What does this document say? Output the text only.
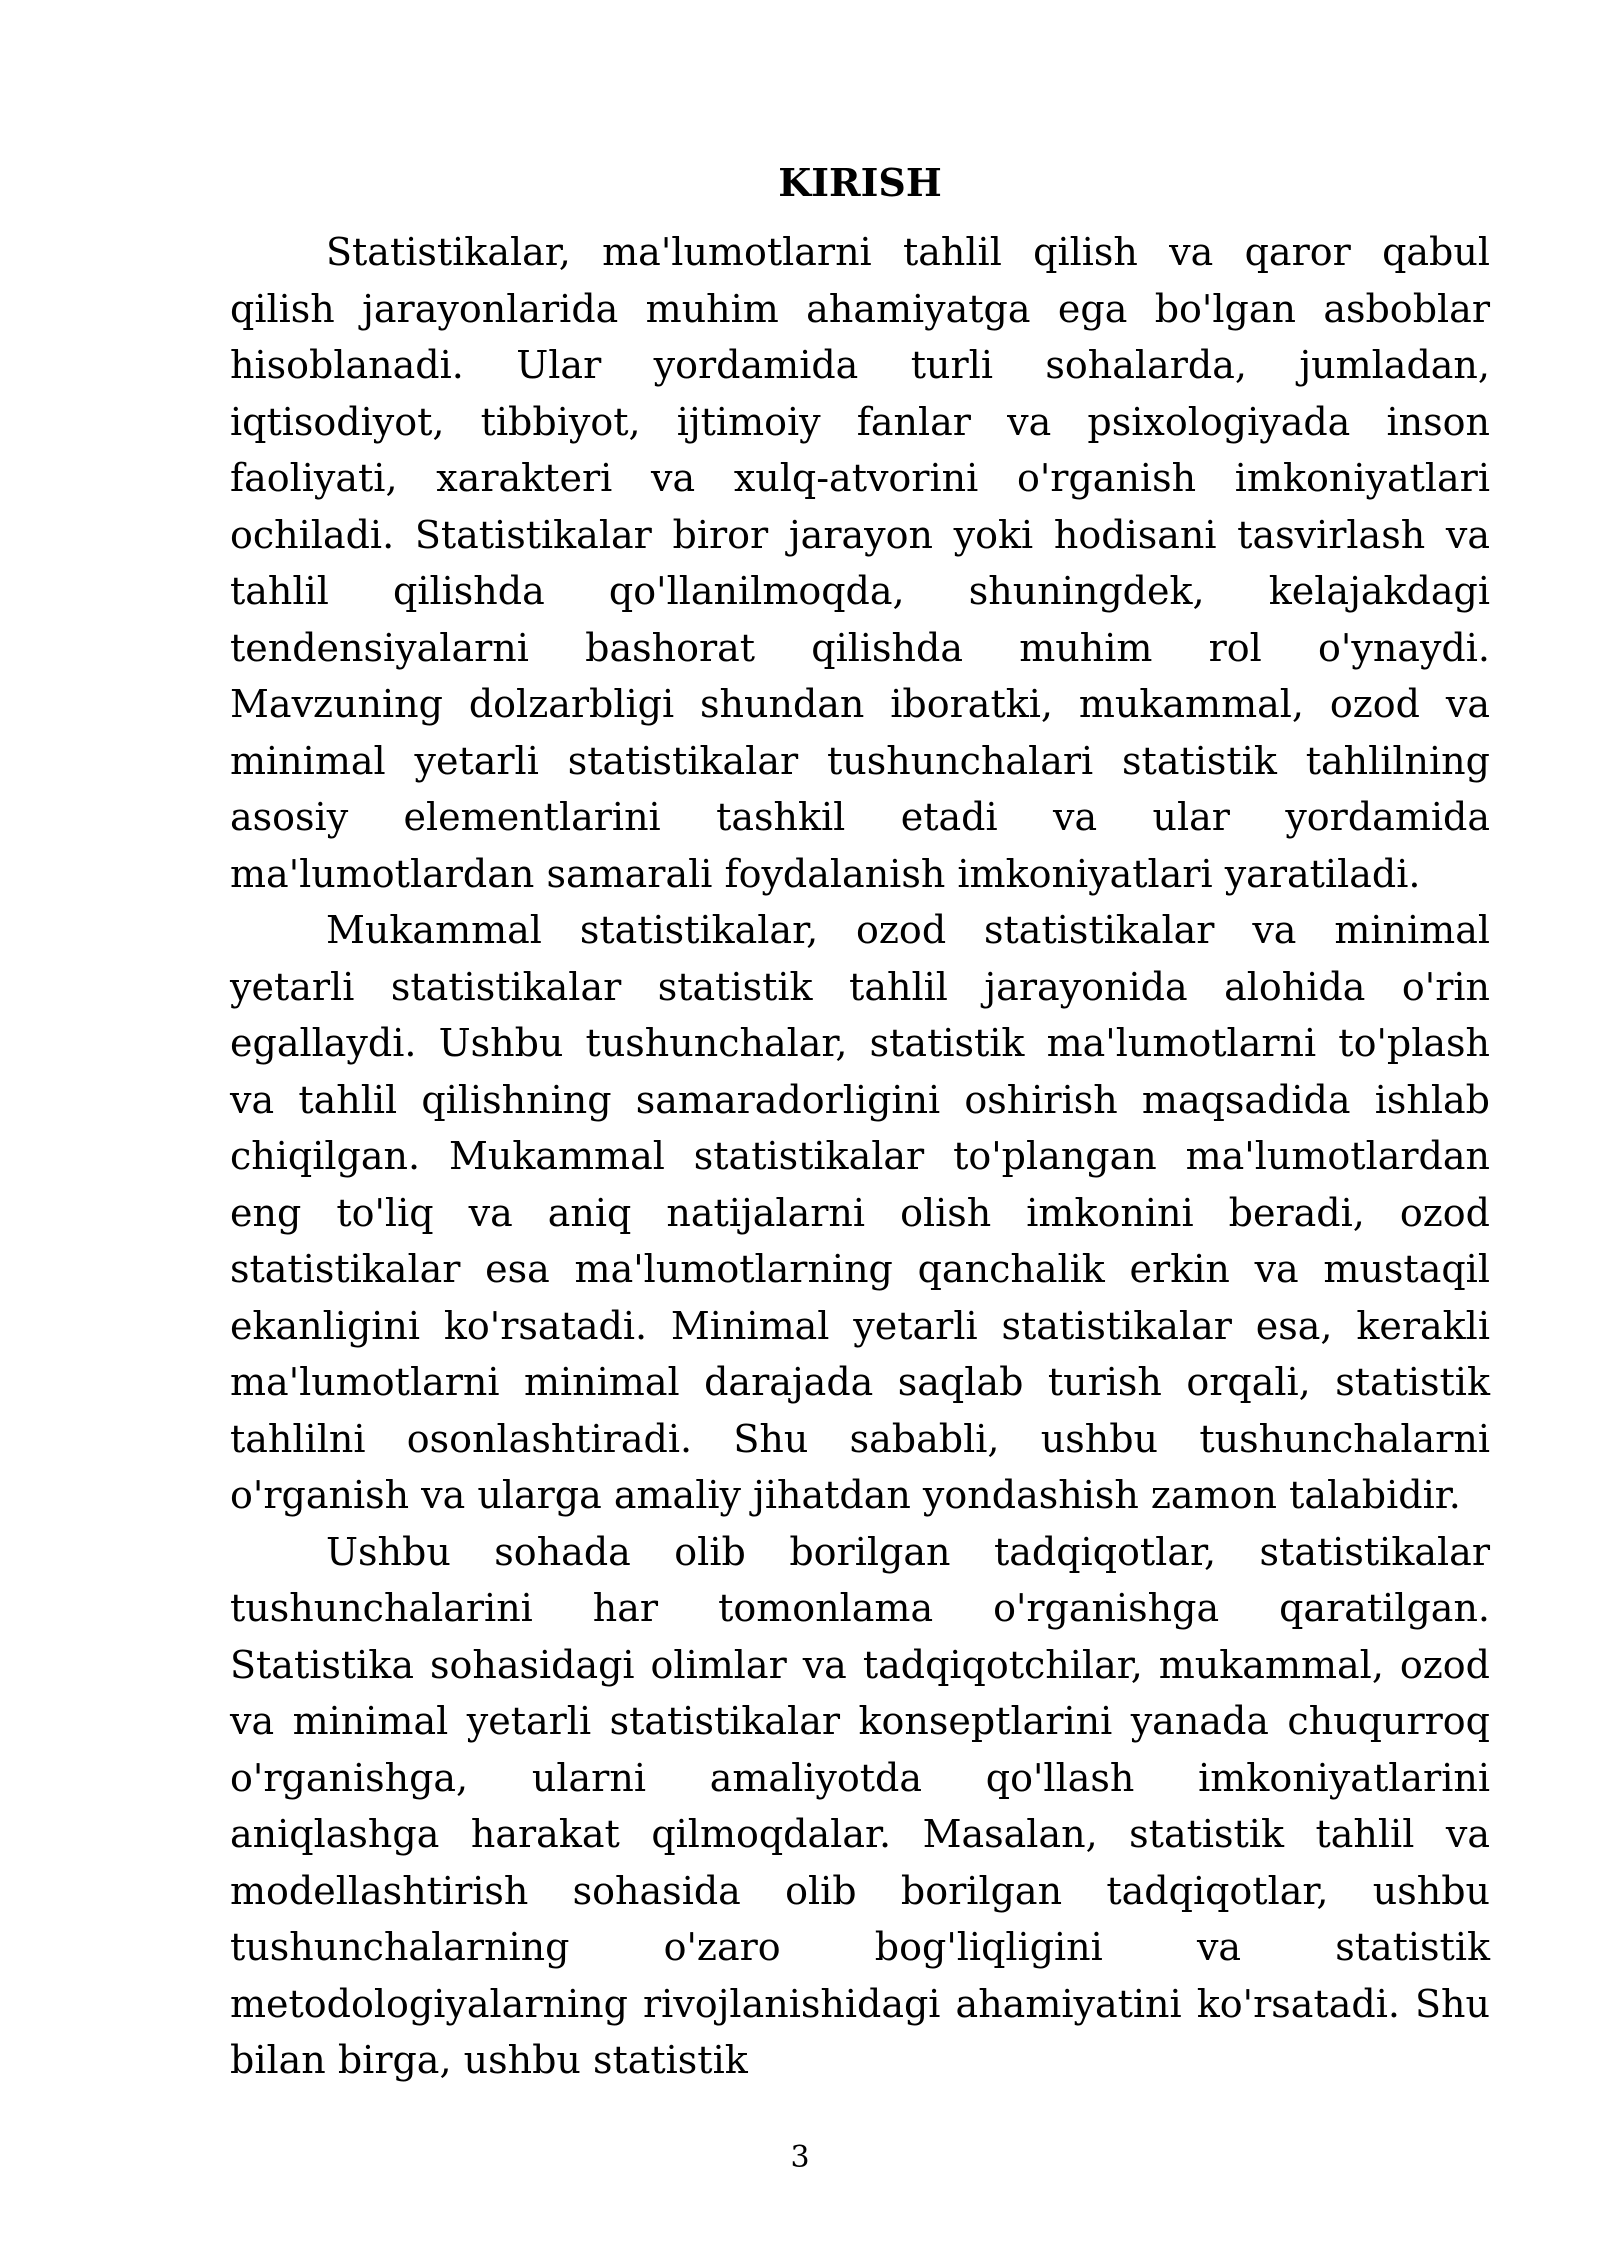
KIRISH

Statistikalar, ma'lumotlarni tahlil qilish va qaror qabul qilish jarayonlarida muhim ahamiyatga ega bo'lgan asboblar hisoblanadi. Ular yordamida turli sohalarda, jumladan, iqtisodiyot, tibbiyot, ijtimoiy fanlar va psixologiyada inson faoliyati, xarakteri va xulq-atvorini o'rganish imkoniyatlari ochiladi. Statistikalar biror jarayon yoki hodisani tasvirlash va tahlil qilishda qo'llanilmoqda, shuningdek, kelajakdagi tendensiyalarni bashorat qilishda muhim rol o'ynaydi. Mavzuning dolzarbligi shundan iboratki, mukammal, ozod va minimal yetarli statistikalar tushunchalari statistik tahlilning asosiy elementlarini tashkil etadi va ular yordamida ma'lumotlardan samarali foydalanish imkoniyatlari yaratiladi.

Mukammal statistikalar, ozod statistikalar va minimal yetarli statistikalar statistik tahlil jarayonida alohida o'rin egallaydi. Ushbu tushunchalar, statistik ma'lumotlarni to'plash va tahlil qilishning samaradorligini oshirish maqsadida ishlab chiqilgan. Mukammal statistikalar to'plangan ma'lumotlardan eng to'liq va aniq natijalarni olish imkonini beradi, ozod statistikalar esa ma'lumotlarning qanchalik erkin va mustaqil ekanligini ko'rsatadi. Minimal yetarli statistikalar esa, kerakli ma'lumotlarni minimal darajada saqlab turish orqali, statistik tahlilni osonlashtiradi. Shu sababli, ushbu tushunchalarni o'rganish va ularga amaliy jihatdan yondashish zamon talabidir.

Ushbu sohada olib borilgan tadqiqotlar, statistikalar tushunchalarini har tomonlama o'rganishga qaratilgan. Statistika sohasidagi olimlar va tadqiqotchilar, mukammal, ozod va minimal yetarli statistikalar konseptlarini yanada chuqurroq o'rganishga, ularni amaliyotda qo'llash imkoniyatlarini aniqlashga harakat qilmoqdalar. Masalan, statistik tahlil va modellashtirish sohasida olib borilgan tadqiqotlar, ushbu tushunchalarning o'zaro bog'liqligini va statistik metodologiyalarning rivojlanishidagi ahamiyatini ko'rsatadi. Shu bilan birga, ushbu statistik

3
